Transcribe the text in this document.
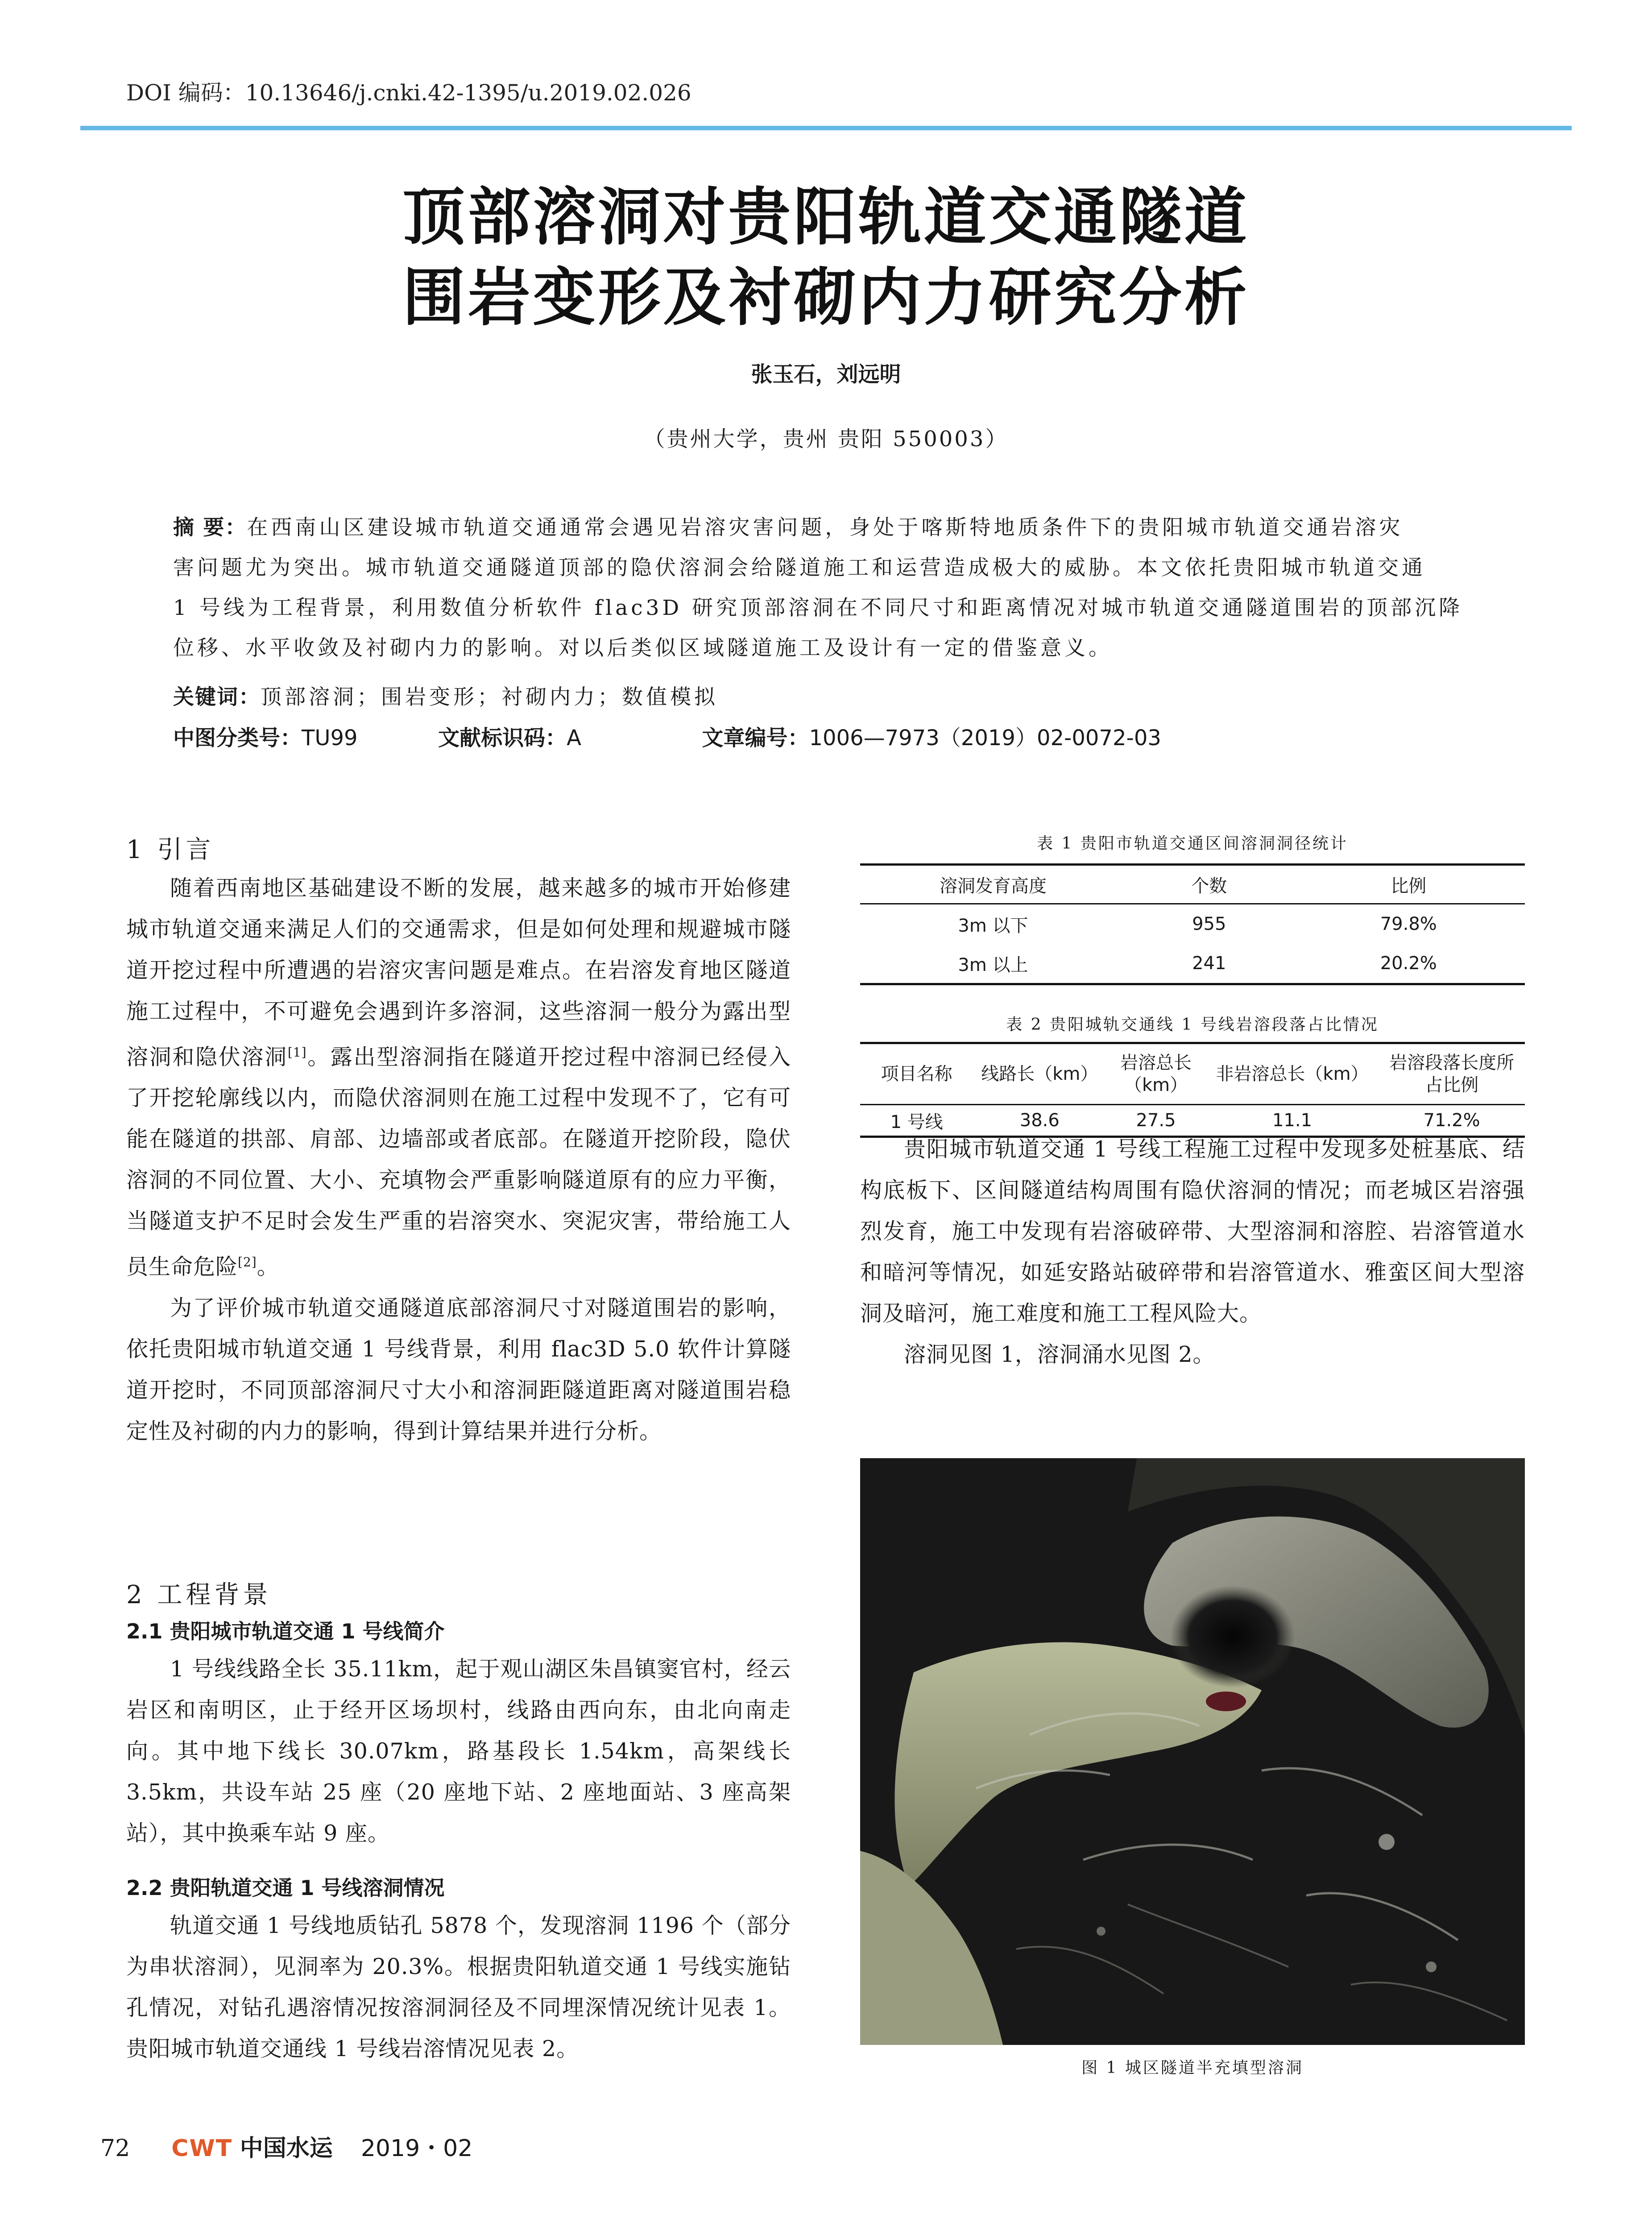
DOI 编码：10.13646/j.cnki.42-1395/u.2019.02.026
顶部溶洞对贵阳轨道交通隧道
围岩变形及衬砌内力研究分析
张玉石，刘远明
（贵州大学，贵州 贵阳 550003）
摘 要：在西南山区建设城市轨道交通通常会遇见岩溶灾害问题，身处于喀斯特地质条件下的贵阳城市轨道交通岩溶灾
害问题尤为突出。城市轨道交通隧道顶部的隐伏溶洞会给隧道施工和运营造成极大的威胁。本文依托贵阳城市轨道交通
1 号线为工程背景，利用数值分析软件 flac3D 研究顶部溶洞在不同尺寸和距离情况对城市轨道交通隧道围岩的顶部沉降
位移、水平收敛及衬砌内力的影响。对以后类似区域隧道施工及设计有一定的借鉴意义。
关键词：顶部溶洞；围岩变形；衬砌内力；数值模拟
中图分类号：TU99	文献标识码：A	文章编号：1006—7973（2019）02-0072-03
1 引言

随着西南地区基础建设不断的发展，越来越多的城市开始修建城市轨道交通来满足人们的交通需求，但是如何处理和规避城市隧道开挖过程中所遭遇的岩溶灾害问题是难点。在岩溶发育地区隧道施工过程中，不可避免会遇到许多溶洞，这些溶洞一般分为露出型溶洞和隐伏溶洞[1]。露出型溶洞指在隧道开挖过程中溶洞已经侵入了开挖轮廓线以内，而隐伏溶洞则在施工过程中发现不了，它有可能在隧道的拱部、肩部、边墙部或者底部。在隧道开挖阶段，隐伏溶洞的不同位置、大小、充填物会严重影响隧道原有的应力平衡，当隧道支护不足时会发生严重的岩溶突水、突泥灾害，带给施工人员生命危险[2]。

为了评价城市轨道交通隧道底部溶洞尺寸对隧道围岩的影响，依托贵阳城市轨道交通 1 号线背景，利用 flac3D 5.0 软件计算隧道开挖时，不同顶部溶洞尺寸大小和溶洞距隧道距离对隧道围岩稳定性及衬砌的内力的影响，得到计算结果并进行分析。

2 工程背景
2.1 贵阳城市轨道交通 1 号线简介

1 号线线路全长 35.11km，起于观山湖区朱昌镇窦官村，经云岩区和南明区，止于经开区场坝村，线路由西向东，由北向南走向。其中地下线长 30.07km，路基段长 1.54km，高架线长 3.5km，共设车站 25 座（20 座地下站、2 座地面站、3 座高架站），其中换乘车站 9 座。

2.2 贵阳轨道交通 1 号线溶洞情况

轨道交通 1 号线地质钻孔 5878 个，发现溶洞 1196 个（部分为串状溶洞），见洞率为 20.3%。根据贵阳轨道交通 1 号线实施钻孔情况，对钻孔遇溶情况按溶洞洞径及不同埋深情况统计见表 1。贵阳城市轨道交通线 1 号线岩溶情况见表 2。

表 1 贵阳市轨道交通区间溶洞洞径统计
溶洞发育高度	个数	比例
3m 以下	955	79.8%
3m 以上	241	20.2%
表 2 贵阳城轨交通线 1 号线岩溶段落占比情况
项目名称	线路长（km）	岩溶总长（km）	非岩溶总长（km）	岩溶段落长度所占比例
1 号线	38.6	27.5	11.1	71.2%

贵阳城市轨道交通 1 号线工程施工过程中发现多处桩基底、结构底板下、区间隧道结构周围有隐伏溶洞的情况；而老城区岩溶强烈发育，施工中发现有岩溶破碎带、大型溶洞和溶腔、岩溶管道水和暗河等情况，如延安路站破碎带和岩溶管道水、雅蛮区间大型溶洞及暗河，施工难度和施工工程风险大。

溶洞见图 1，溶洞涌水见图 2。

图 1 城区隧道半充填型溶洞
72 CWT 中国水运 2019・02
